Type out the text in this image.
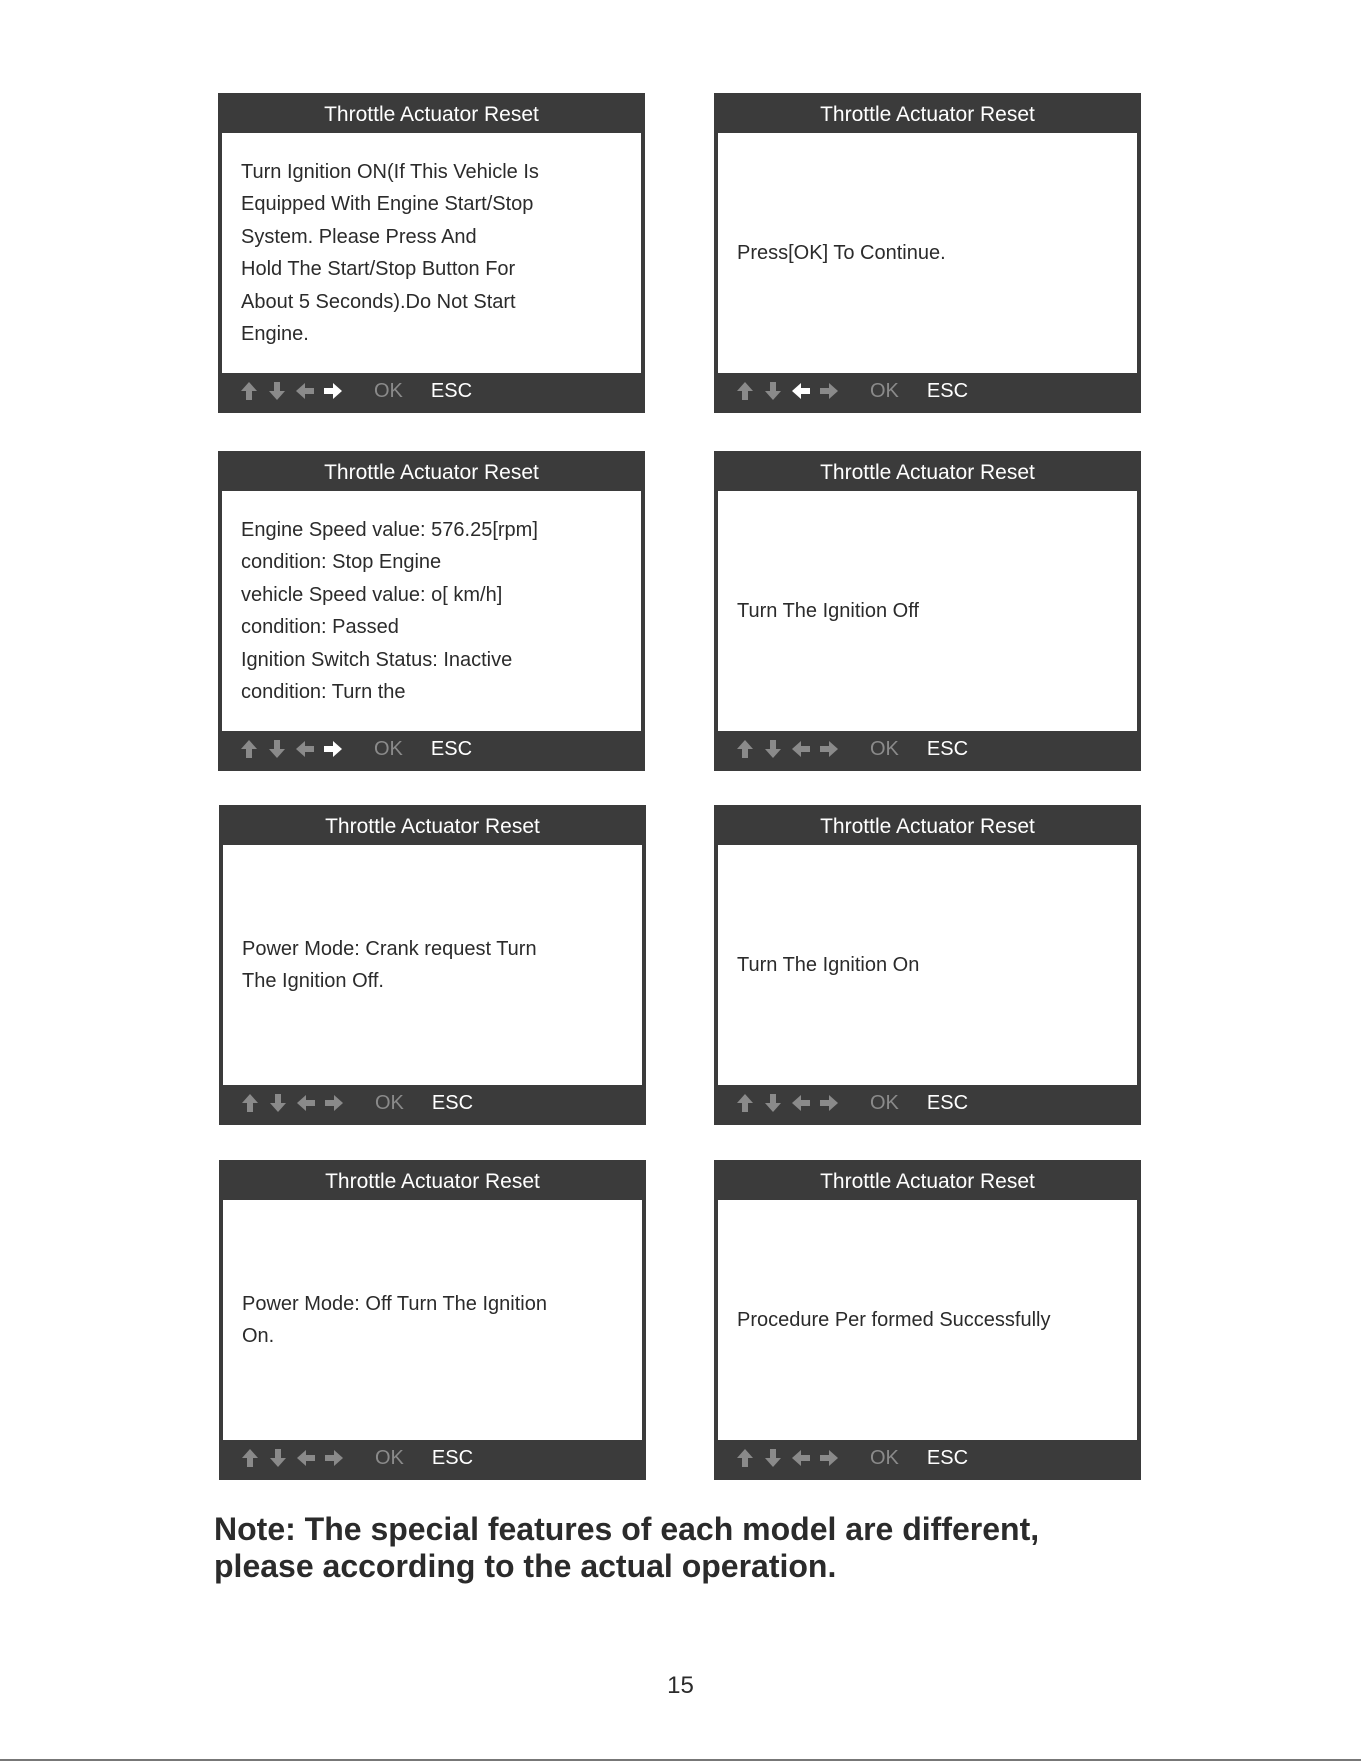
Throttle Actuator Reset
Turn Ignition ON(If This Vehicle Is
Equipped With Engine Start/Stop
System. Please Press And
Hold The Start/Stop Button For
About 5 Seconds).Do Not Start
Engine.
OK ESC
Throttle Actuator Reset
Press[OK] To Continue.
OK ESC
Throttle Actuator Reset
Engine Speed value: 576.25[rpm]
condition: Stop Engine
vehicle Speed value: o[ km/h]
condition: Passed
Ignition Switch Status: Inactive
condition: Turn the
OK ESC
Throttle Actuator Reset
Turn The Ignition Off
OK ESC
Throttle Actuator Reset
Power Mode: Crank request Turn
The Ignition Off.
OK ESC
Throttle Actuator Reset
Turn The Ignition On
OK ESC
Throttle Actuator Reset
Power Mode: Off Turn The Ignition
On.
OK ESC
Throttle Actuator Reset
Procedure Per formed Successfully
OK ESC
Note: The special features of each model are different,
please according to the actual operation.
15
